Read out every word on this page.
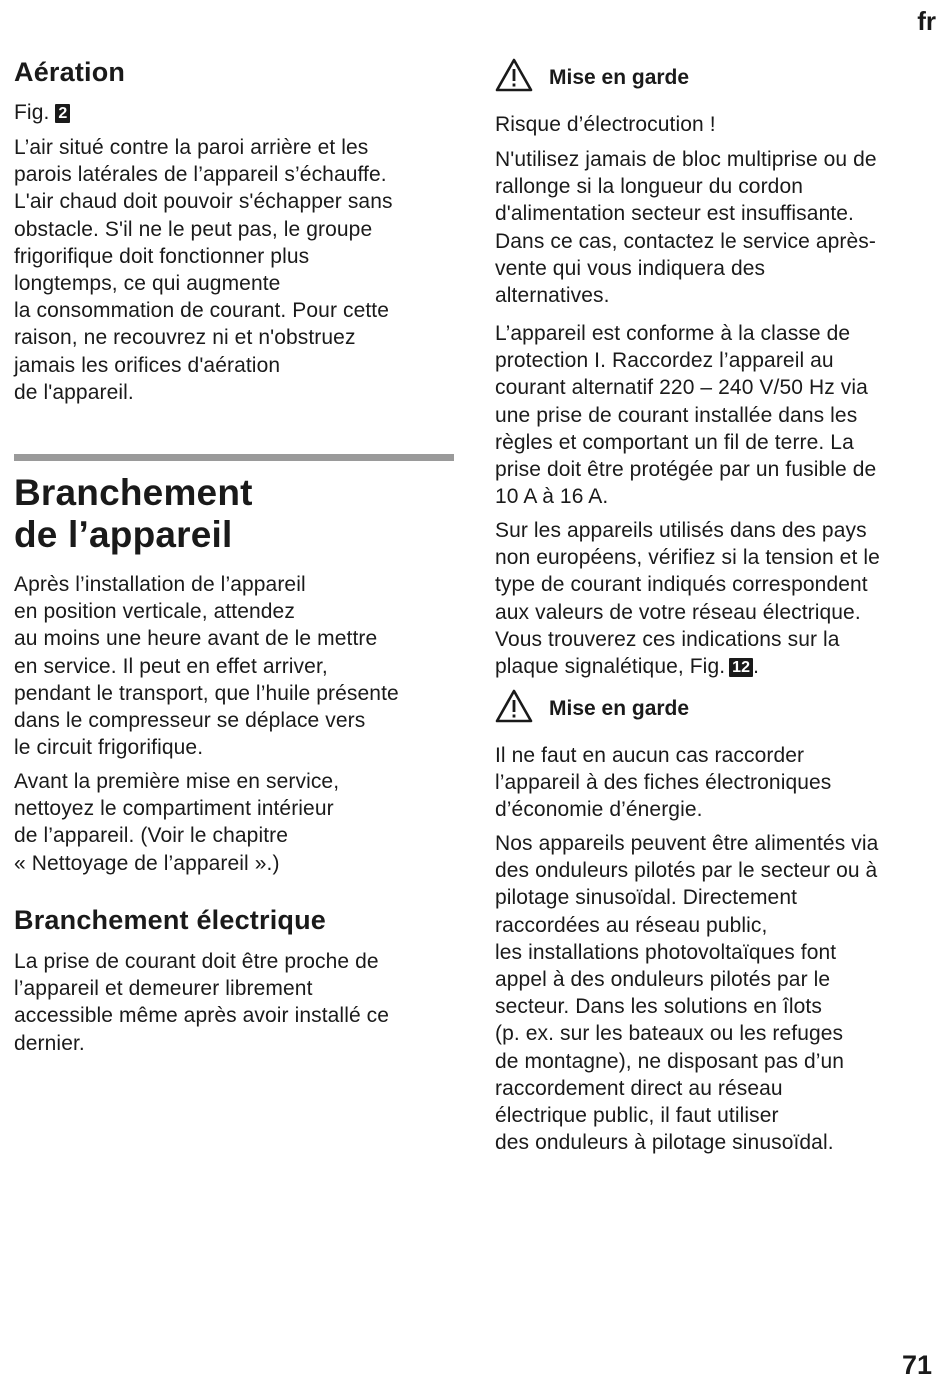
fr
Aération
Fig. 2

L’air situé contre la paroi arrière et les
parois latérales de l’appareil s’échauffe.
L'air chaud doit pouvoir s'échapper sans
obstacle. S'il ne le peut pas, le groupe
frigorifique doit fonctionner plus
longtemps, ce qui augmente
la consommation de courant. Pour cette
raison, ne recouvrez ni et n'obstruez
jamais les orifices d'aération
de l'appareil.

Branchement
de l’appareil

Après l’installation de l’appareil
en position verticale, attendez
au moins une heure avant de le mettre
en service. Il peut en effet arriver,
pendant le transport, que l’huile présente
dans le compresseur se déplace vers
le circuit frigorifique.

Avant la première mise en service,
nettoyez le compartiment intérieur
de l’appareil. (Voir le chapitre
« Nettoyage de l’appareil ».)

Branchement électrique

La prise de courant doit être proche de
l’appareil et demeurer librement
accessible même après avoir installé ce
dernier.

Mise en garde

Risque d’électrocution !

N'utilisez jamais de bloc multiprise ou de
rallonge si la longueur du cordon
d'alimentation secteur est insuffisante.
Dans ce cas, contactez le service après-
vente qui vous indiquera des
alternatives.

L’appareil est conforme à la classe de
protection I. Raccordez l’appareil au
courant alternatif 220 – 240 V/50 Hz via
une prise de courant installée dans les
règles et comportant un fil de terre. La
prise doit être protégée par un fusible de
10 A à 16 A.

Sur les appareils utilisés dans des pays
non européens, vérifiez si la tension et le
type de courant indiqués correspondent
aux valeurs de votre réseau électrique.
Vous trouverez ces indications sur la
plaque signalétique, Fig. 12 .

Mise en garde

Il ne faut en aucun cas raccorder
l’appareil à des fiches électroniques
d’économie d’énergie.

Nos appareils peuvent être alimentés via
des onduleurs pilotés par le secteur ou à
pilotage sinusoïdal. Directement
raccordées au réseau public,
les installations photovoltaïques font
appel à des onduleurs pilotés par le
secteur. Dans les solutions en îlots
(p. ex. sur les bateaux ou les refuges
de montagne), ne disposant pas d’un
raccordement direct au réseau
électrique public, il faut utiliser
des onduleurs à pilotage sinusoïdal.

71
